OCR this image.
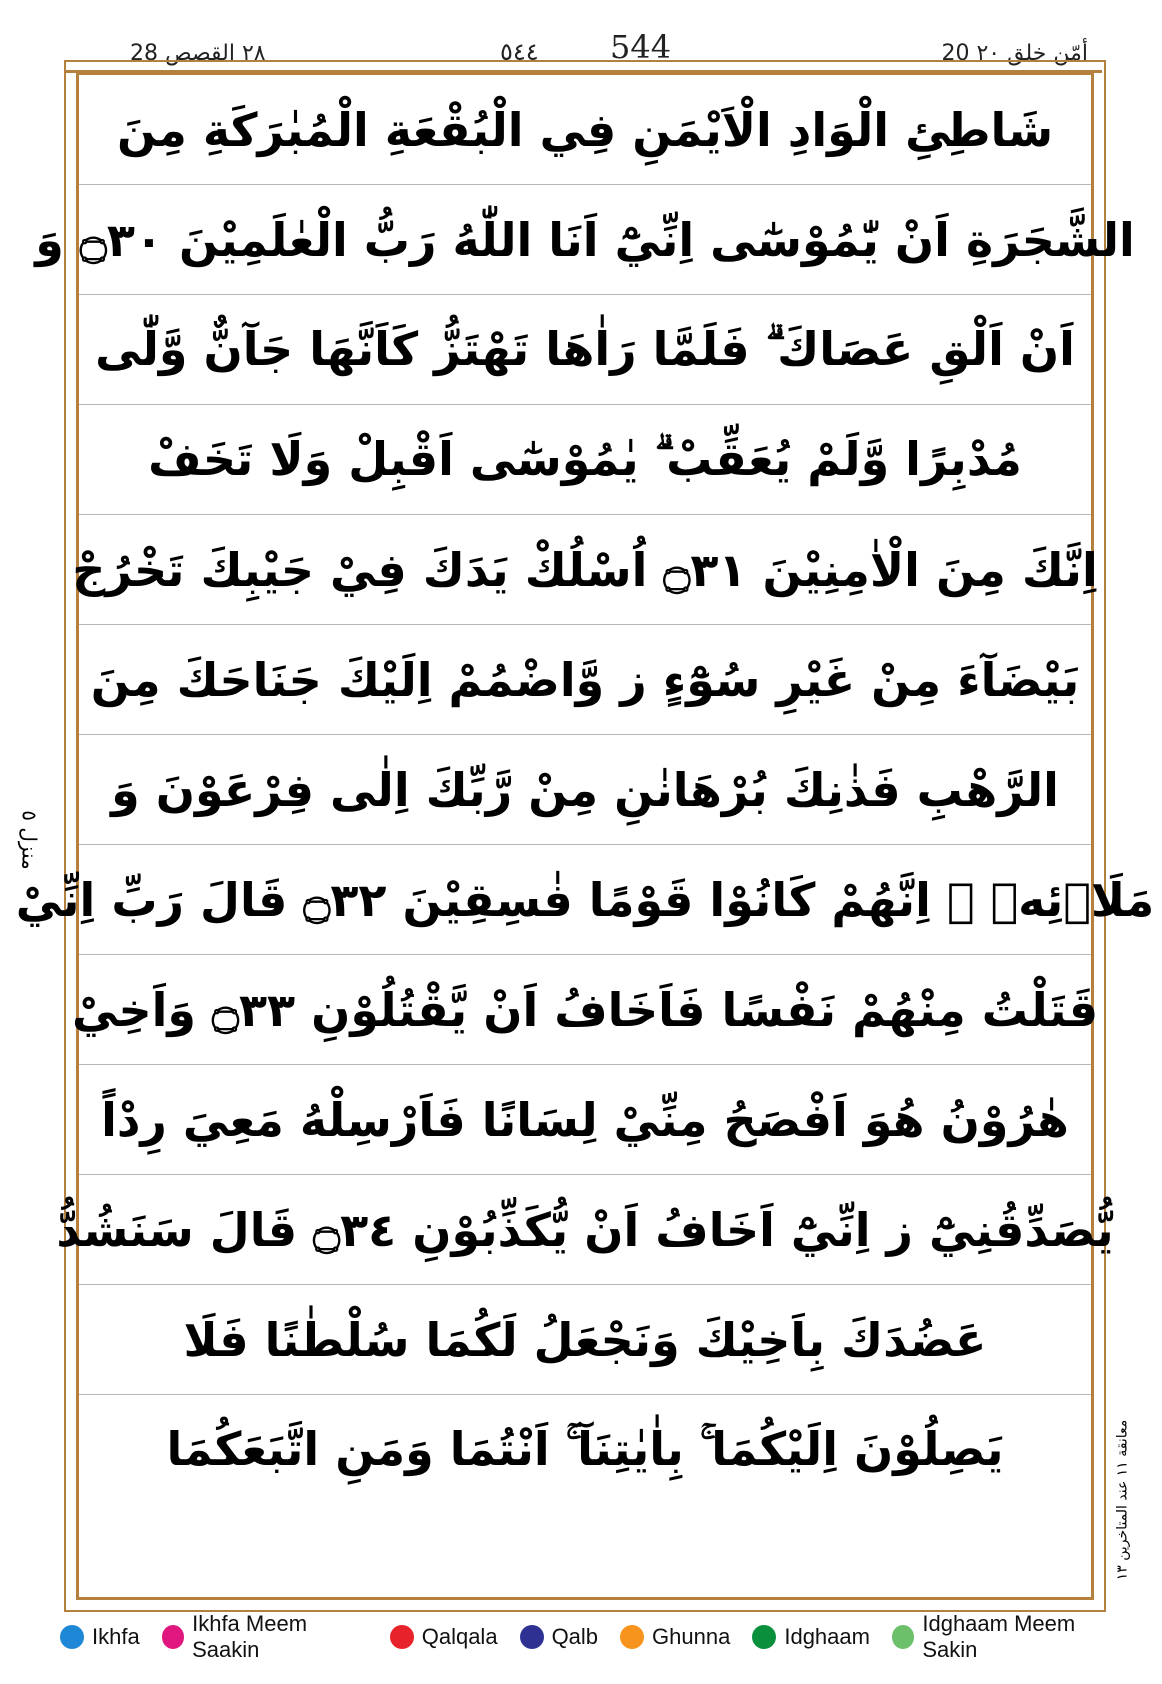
٢٨ القصص 28	٥٤٤ 544	20 أمّن خلق ٢٠
شَاطِئِ الْوَادِ الْاَيْمَنِ فِي الْبُقْعَةِ الْمُبٰرَكَةِ مِنَ
الشَّجَرَةِ اَنْ يّٰمُوْسٰٓى اِنِّيْٓ اَنَا اللّٰهُ رَبُّ الْعٰلَمِيْنَ ۝٣٠ وَ
اَنْ اَلْقِ عَصَاكَ ۗ فَلَمَّا رَاٰهَا تَهْتَزُّ كَاَنَّهَا جَآنٌّ وَّلّٰى
مُدْبِرًا وَّلَمْ يُعَقِّبْ ۗ يٰمُوْسٰٓى اَقْبِلْ وَلَا تَخَفْ
اِنَّكَ مِنَ الْاٰمِنِيْنَ ۝٣١ اُسْلُكْ يَدَكَ فِيْ جَيْبِكَ تَخْرُجْ
بَيْضَآءَ مِنْ غَيْرِ سُوْٓءٍ ز وَّاضْمُمْ اِلَيْكَ جَنَاحَكَ مِنَ
الرَّهْبِ فَذٰنِكَ بُرْهَانٰنِ مِنْ رَّبِّكَ اِلٰى فِرْعَوْنَ وَ
مَلَا۟ئِهٖ ۗ اِنَّهُمْ كَانُوْا قَوْمًا فٰسِقِيْنَ ۝٣٢ قَالَ رَبِّ اِنِّيْ
قَتَلْتُ مِنْهُمْ نَفْسًا فَاَخَافُ اَنْ يَّقْتُلُوْنِ ۝٣٣ وَاَخِيْ
هٰرُوْنُ هُوَ اَفْصَحُ مِنِّيْ لِسَانًا فَاَرْسِلْهُ مَعِيَ رِدْاً
يُّصَدِّقُنِيْٓ ز اِنِّيْٓ اَخَافُ اَنْ يُّكَذِّبُوْنِ ۝٣٤ قَالَ سَنَشُدُّ
عَضُدَكَ بِاَخِيْكَ وَنَجْعَلُ لَكُمَا سُلْطٰنًا فَلَا
يَصِلُوْنَ اِلَيْكُمَا ۚ بِاٰيٰتِنَآ ۚ اَنْتُمَا وَمَنِ اتَّبَعَكُمَا
منزل ٥
معانقة ١١ عند المتاخرين ١٣
Ikhfa
Ikhfa Meem Saakin
Qalqala Qalb Ghunna Idghaam
Idghaam Meem Sakin
